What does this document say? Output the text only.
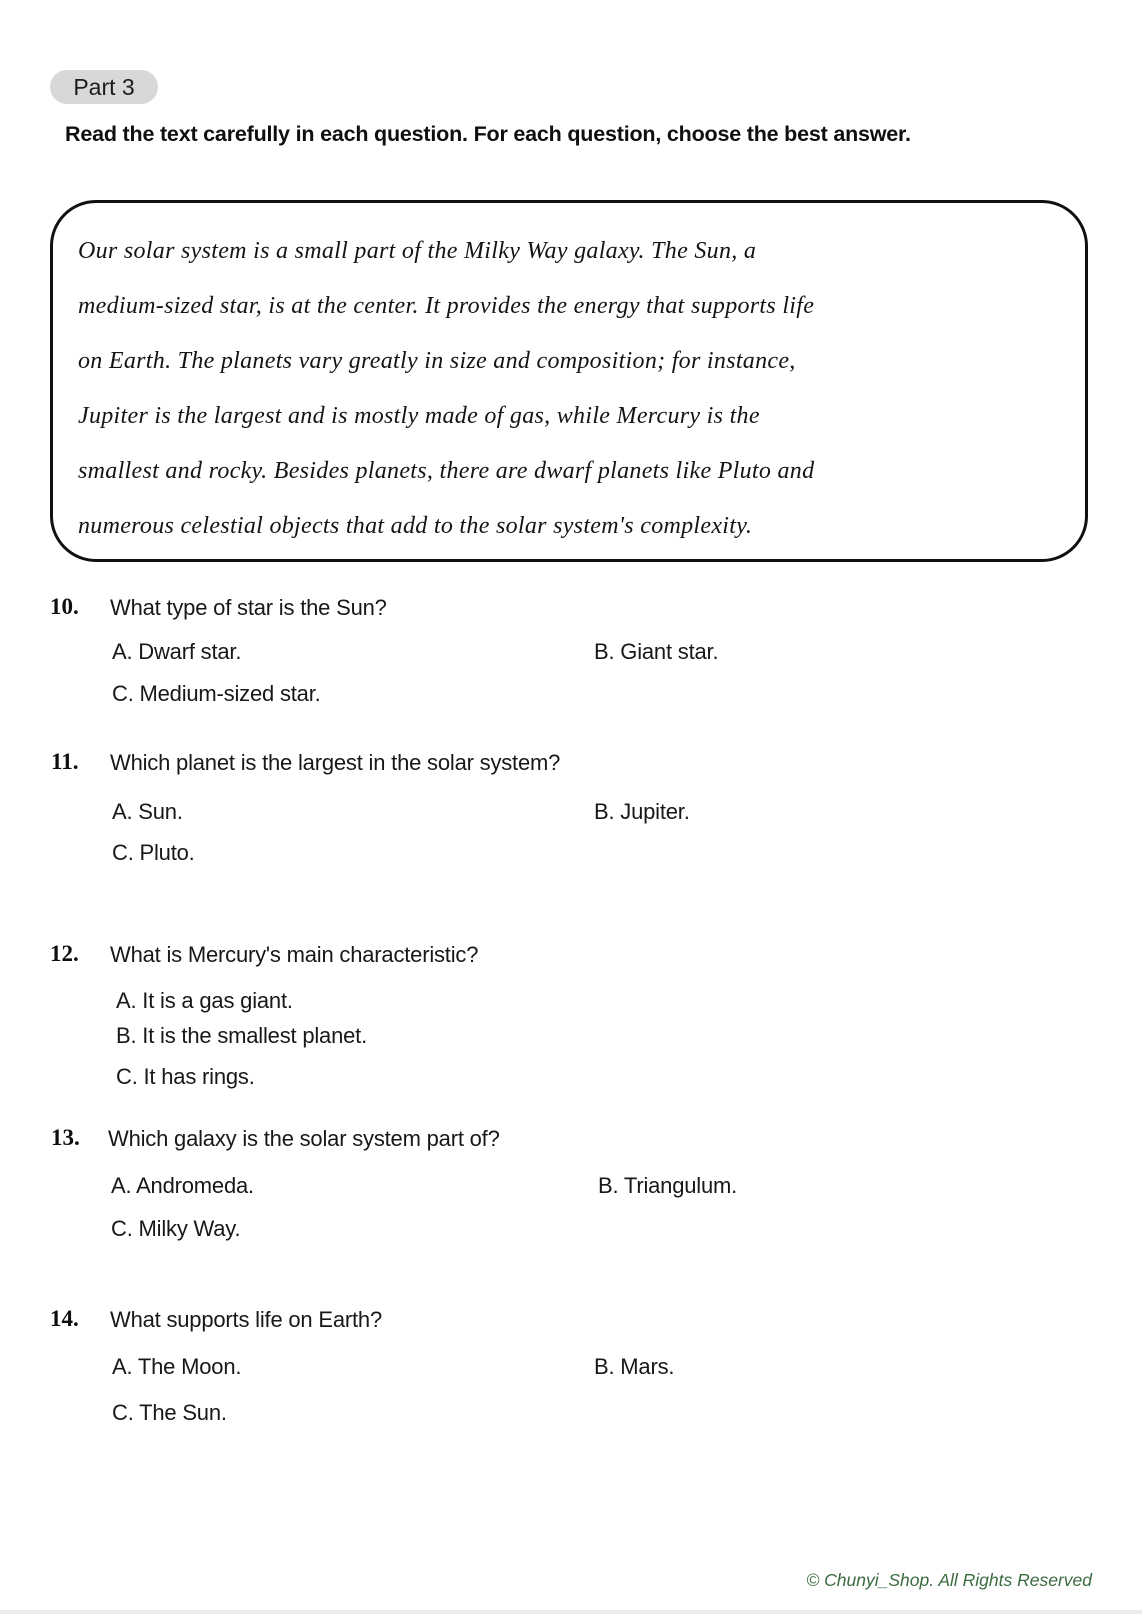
Part 3
Read the text carefully in each question. For each question, choose the best answer.
Our solar system is a small part of the Milky Way galaxy. The Sun, a
medium-sized star, is at the center. It provides the energy that supports life
on Earth. The planets vary greatly in size and composition; for instance,
Jupiter is the largest and is mostly made of gas, while Mercury is the
smallest and rocky. Besides planets, there are dwarf planets like Pluto and
numerous celestial objects that add to the solar system's complexity.
10. What type of star is the Sun?
A. Dwarf star.	B. Giant star.
C. Medium-sized star.
11. Which planet is the largest in the solar system?
A. Sun.	B. Jupiter.
C. Pluto.
12. What is Mercury's main characteristic?
A. It is a gas giant.
B. It is the smallest planet.
C. It has rings.
13. Which galaxy is the solar system part of?
A. Andromeda.	B. Triangulum.
C. Milky Way.
14. What supports life on Earth?
A. The Moon.	B. Mars.
C. The Sun.
© Chunyi_Shop. All Rights Reserved
